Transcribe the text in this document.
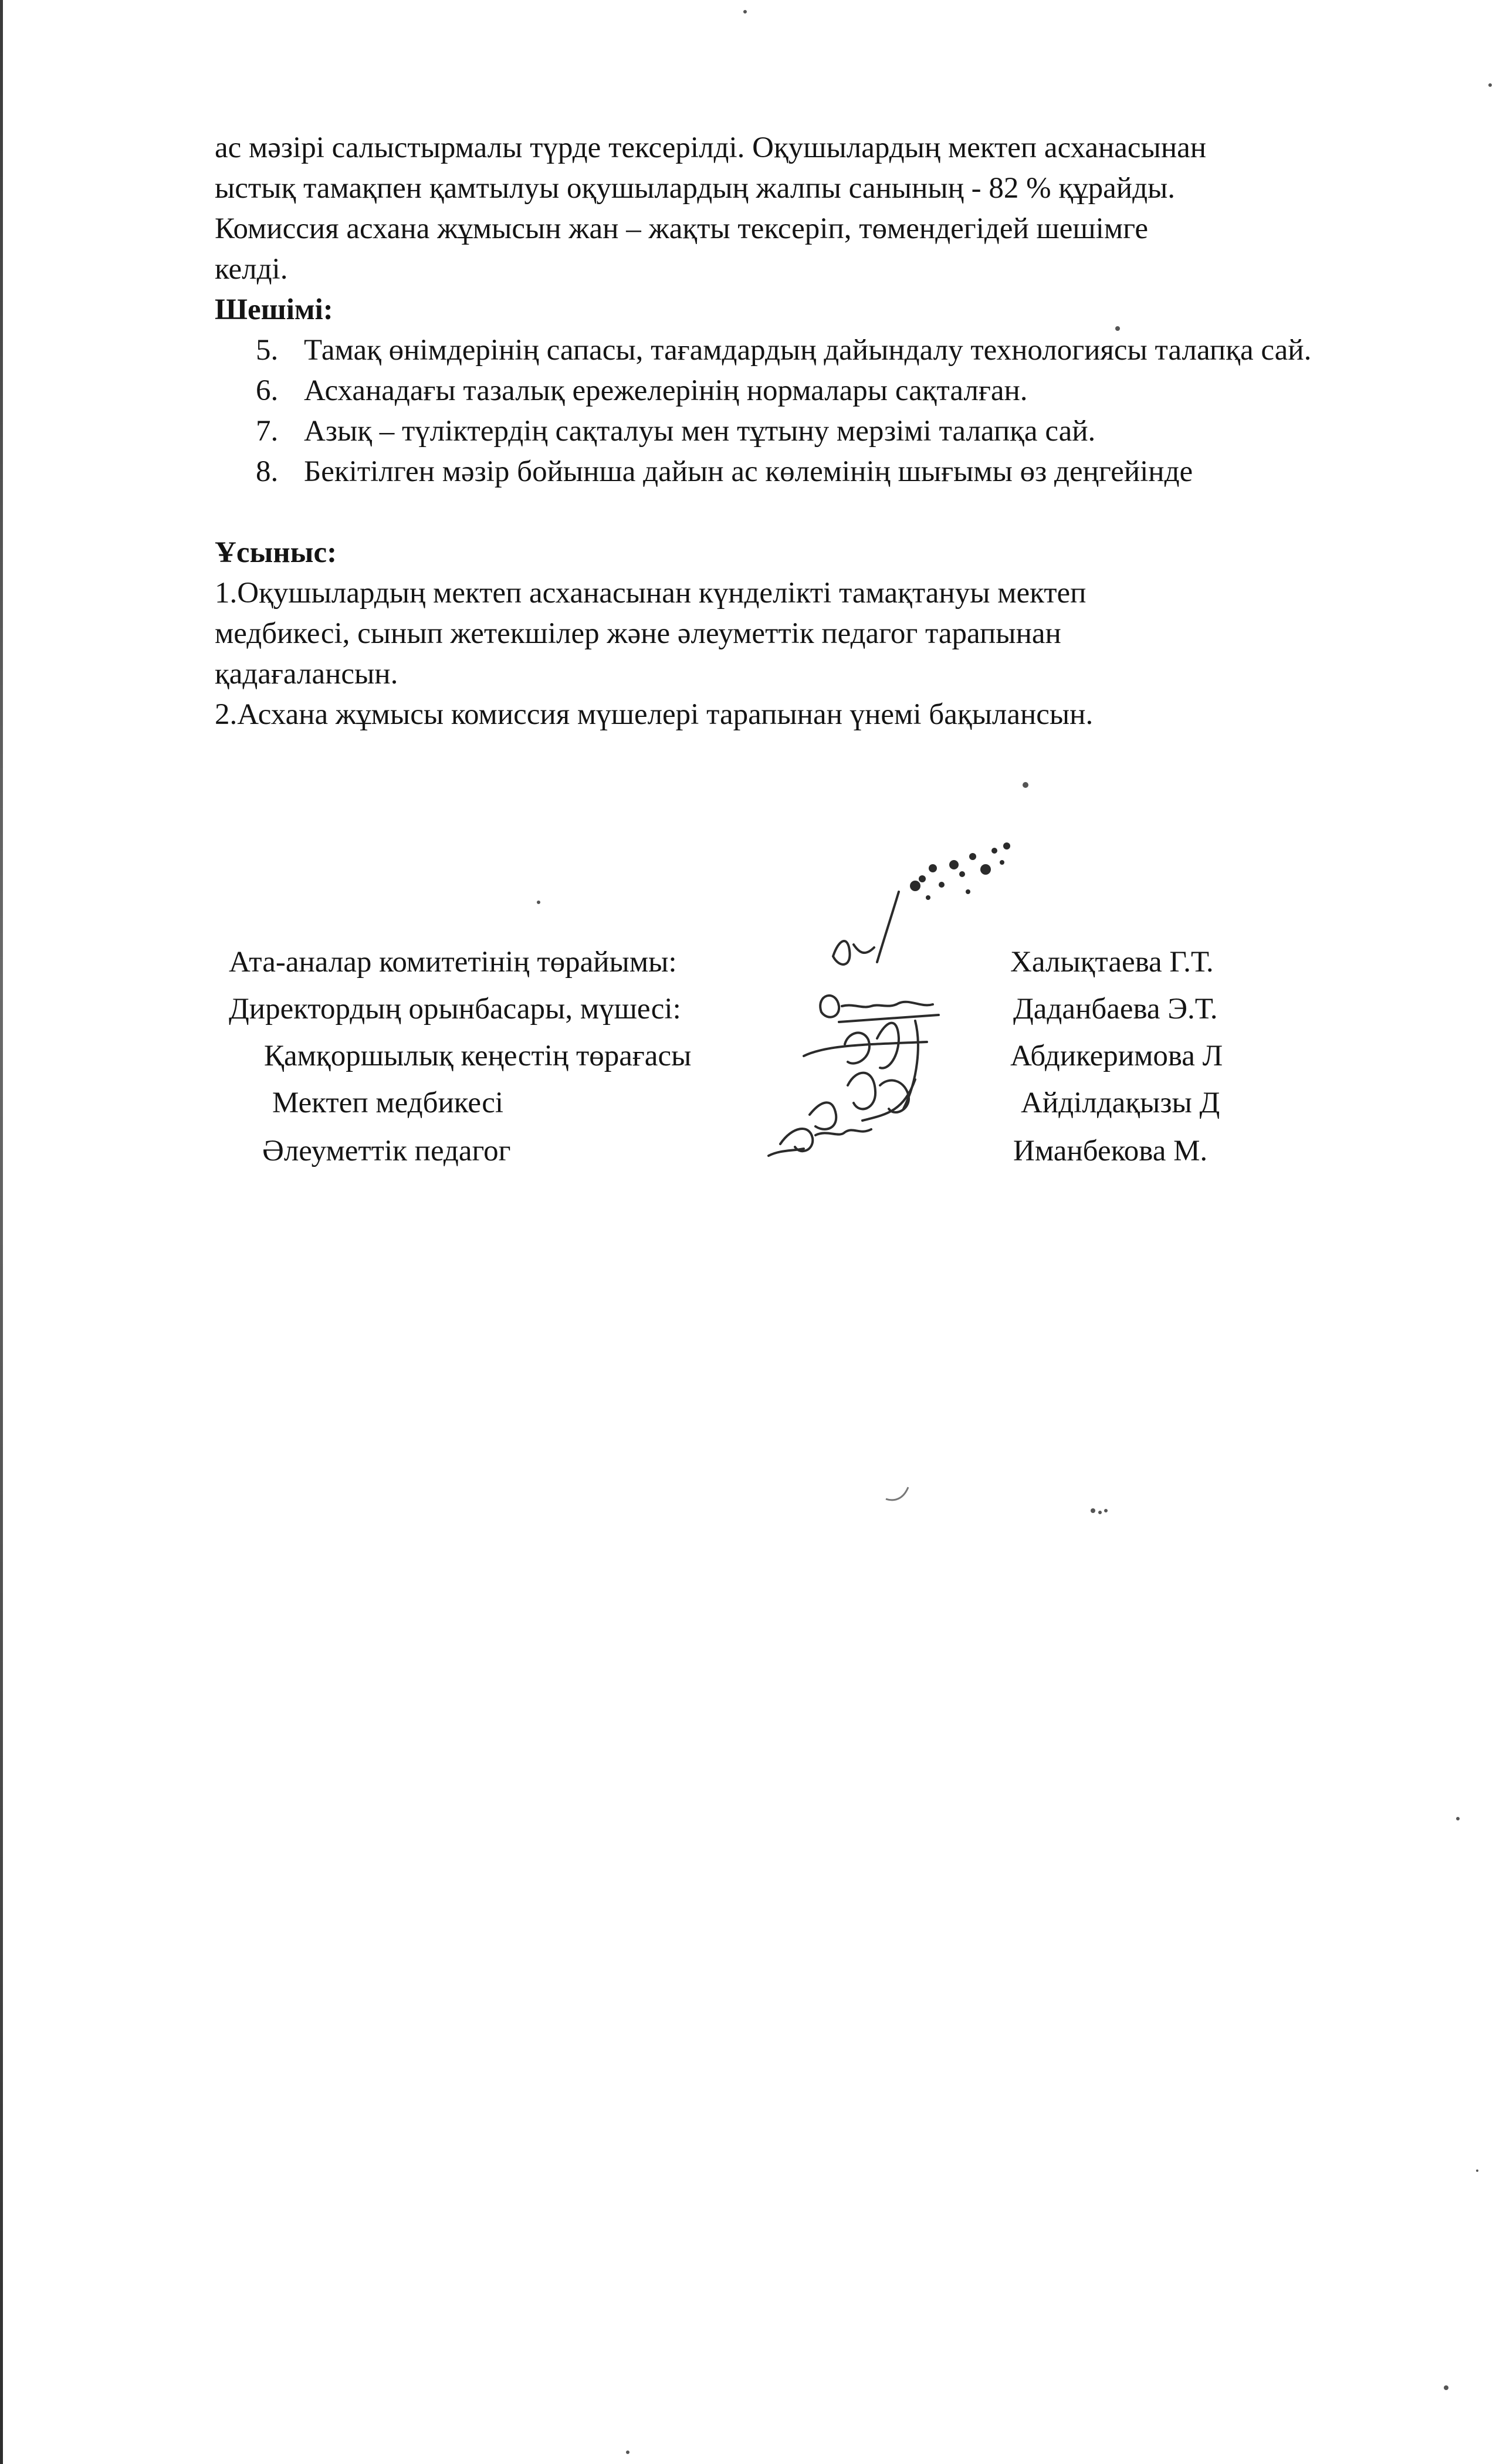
ас мәзірі салыстырмалы түрде тексерілді. Оқушылардың мектеп асханасынан

ыстық тамақпен қамтылуы оқушылардың жалпы санының - 82 % құрайды.

Комиссия асхана жұмысын жан – жақты тексеріп, төмендегідей шешімге

келді.

Шешімі:

5. Тамақ өнімдерінің сапасы, тағамдардың дайындалу технологиясы талапқа сай.
6. Асханадағы тазалық ережелерінің нормалары сақталған.
7. Азық – түліктердің сақталуы мен тұтыну мерзімі талапқа сай.
8. Бекітілген мәзір бойынша дайын ас көлемінің шығымы өз деңгейінде

Ұсыныс:

1.Оқушылардың мектеп асханасынан күнделікті тамақтануы мектеп

медбикесі, сынып жетекшілер және әлеуметтік педагог тарапынан

қадағалансын.

2.Асхана жұмысы комиссия мүшелері тарапынан үнемі бақылансын.

Ата-аналар комитетінің төрайымы:	Халықтаева Г.Т.
Директордың орынбасары, мүшесі:	Даданбаева Э.Т.
Қамқоршылық кеңестің төрағасы	Абдикеримова Л
Мектеп медбикесі	Айділдақызы Д
Әлеуметтік педагог	Иманбекова М.
